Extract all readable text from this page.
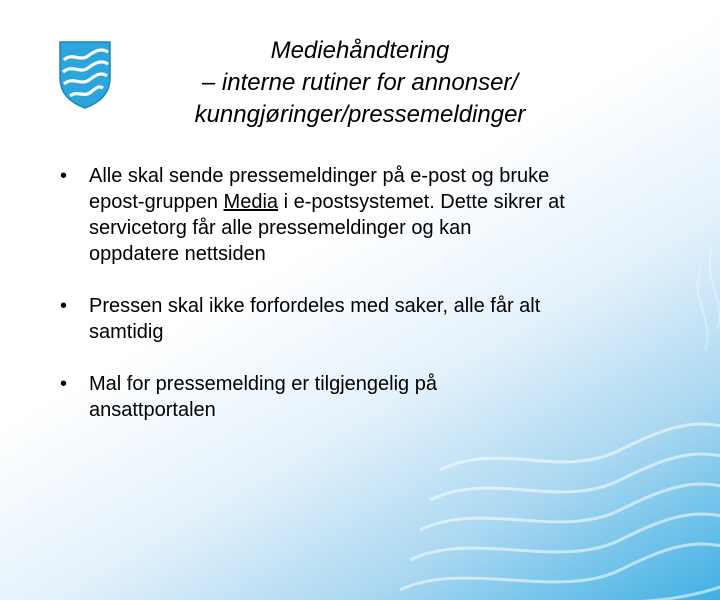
Mediehåndtering
– interne rutiner for annonser/
kunngjøringer/pressemeldinger
• Alle skal sende pressemeldinger på e-post og bruke
epost-gruppen Media i e-postsystemet. Dette sikrer at
servicetorg får alle pressemeldinger og kan
oppdatere nettsiden
• Pressen skal ikke forfordeles med saker, alle får alt
samtidig
• Mal for pressemelding er tilgjengelig på
ansattportalen
